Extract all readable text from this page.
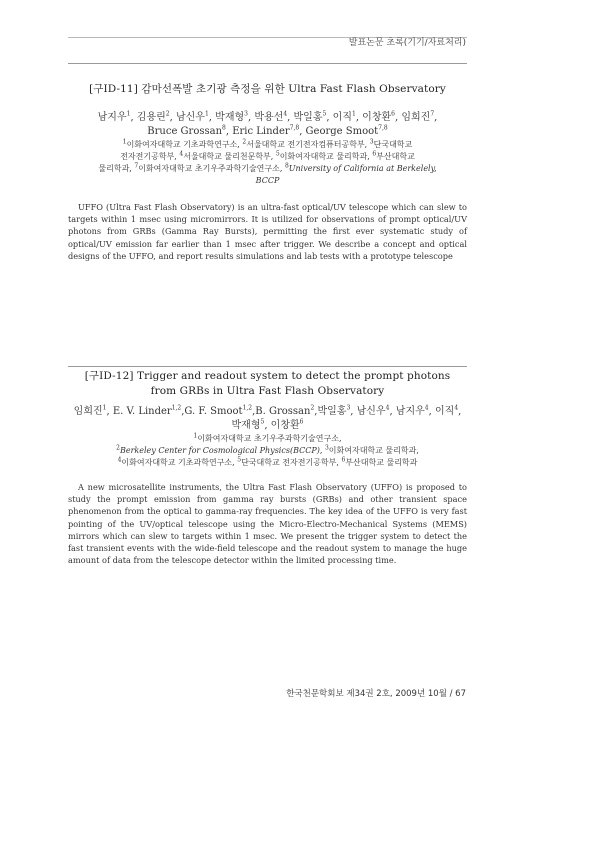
발표논문 초록(기기/자료처리)

[구ID-11] 감마선폭발 초기광 측정을 위한 Ultra Fast Flash Observatory

남지우$^1$, 김용린$^2$, 남신우$^1$, 박재형$^3$, 박용선$^4$, 박일홍$^5$, 이직$^1$, 이창환$^6$, 임희진$^7$,
Bruce Grossan$^8$, Eric Linder$^{7,8}$, George Smoot$^{7,8}$
$^1$이화여자대학교 기초과학연구소, $^2$서울대학교 전기전자컴퓨터공학부, $^3$단국대학교
전자전기공학부, $^4$서울대학교 물리천문학부, $^5$이화여자대학교 물리학과, $^6$부산대학교
물리학과, $^7$이화여자대학교 초기우주과학기술연구소, $^8$University of California at Berkelely,
BCCP

UFFO (Ultra Fast Flash Observatory) is an ultra-fast optical/UV telescope which can slew to targets within 1 msec using micromirrors. It is utilized for observations of prompt optical/UV photons from GRBs (Gamma Ray Bursts), permitting the first ever systematic study of optical/UV emission far earlier than 1 msec after trigger. We describe a concept and optical designs of the UFFO, and report results simulations and lab tests with a prototype telescope

[구ID-12] Trigger and readout system to detect the prompt photons

from GRBs in Ultra Fast Flash Observatory

임희진$^1$, E. V. Linder$^{1,2}$,G. F. Smoot$^{1,2}$,B. Grossan$^2$,박일홍$^3$, 남신우$^4$, 남지우$^4$, 이직$^4$,
박재형$^5$, 이창환$^6$
$^1$이화여자대학교 초기우주과학기술연구소,
$^2$Berkeley Center for Cosmological Physics(BCCP), $^3$이화여자대학교 물리학과,
$^4$이화여자대학교 기초과학연구소, $^5$단국대학교 전자전기공학부, $^6$부산대학교 물리학과

A new microsatellite instruments, the Ultra Fast Flash Observatory (UFFO) is proposed to study the prompt emission from gamma ray bursts (GRBs) and other transient space phenomenon from the optical to gamma-ray frequencies. The key idea of the UFFO is very fast pointing of the UV/optical telescope using the Micro-Electro-Mechanical Systems (MEMS) mirrors which can slew to targets within 1 msec. We present the trigger system to detect the fast transient events with the wide-field telescope and the readout system to manage the huge amount of data from the telescope detector within the limited processing time.

한국천문학회보 제34권 2호, 2009년 10월 / 67
